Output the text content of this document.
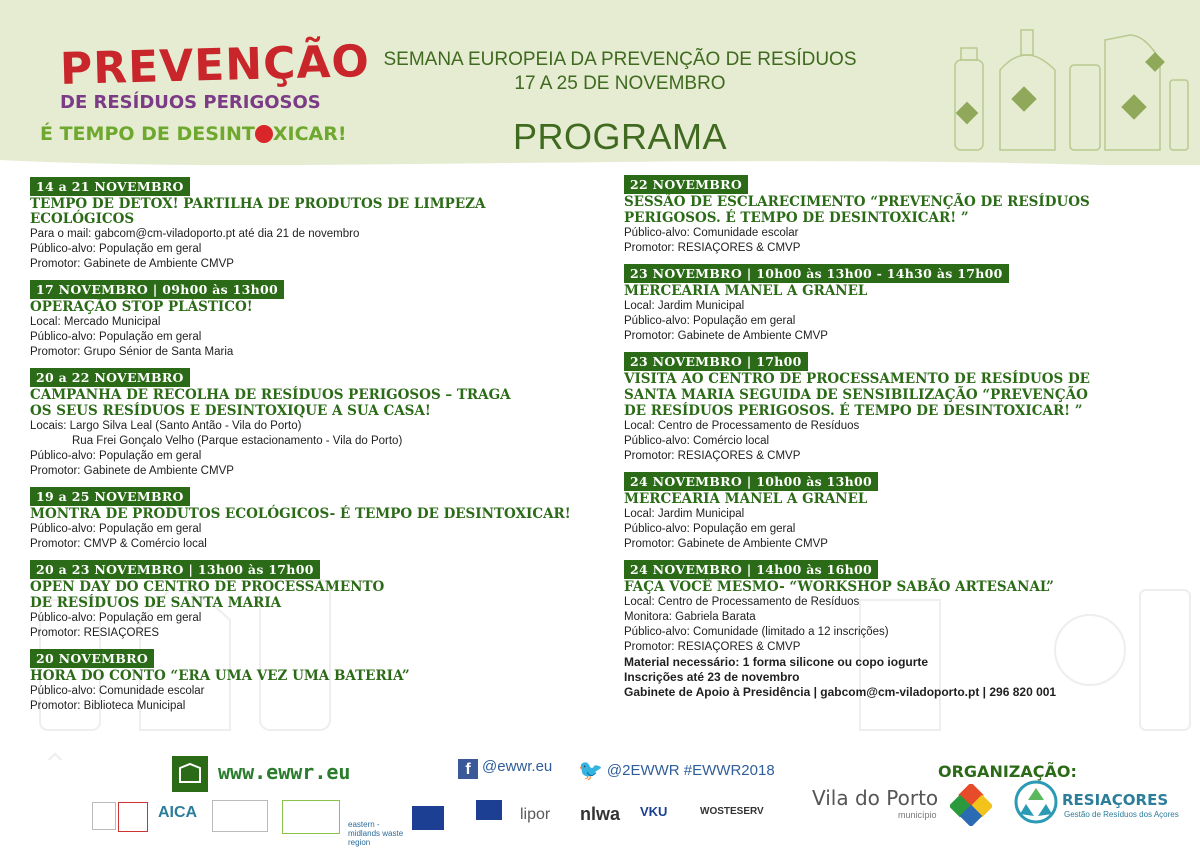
PREVENÇÃO
DE RESÍDUOS PERIGOSOS
É TEMPO DE DESINT XICAR!
SEMANA EUROPEIA DA PREVENÇÃO DE RESÍDUOS
17 A 25 DE NOVEMBRO
PROGRAMA
14 a 21 NOVEMBRO
TEMPO DE DETOX! PARTILHA DE PRODUTOS DE LIMPEZA ECOLÓGICOS
Para o mail: gabcom@cm-viladoporto.pt até dia 21 de novembro
Público-alvo: População em geral
Promotor: Gabinete de Ambiente CMVP
17 NOVEMBRO | 09h00 às 13h00
OPERAÇÃO STOP PLÁSTICO!
Local: Mercado Municipal
Público-alvo: População em geral
Promotor: Grupo Sénior de Santa Maria
20 a 22 NOVEMBRO
CAMPANHA DE RECOLHA DE RESÍDUOS PERIGOSOS – TRAGA
OS SEUS RESÍDUOS E DESINTOXIQUE A SUA CASA!
Locais: Largo Silva Leal (Santo Antão - Vila do Porto)
Rua Frei Gonçalo Velho (Parque estacionamento - Vila do Porto)
Público-alvo: População em geral
Promotor: Gabinete de Ambiente CMVP
19 a 25 NOVEMBRO
MONTRA DE PRODUTOS ECOLÓGICOS- É TEMPO DE DESINTOXICAR!
Público-alvo: População em geral
Promotor: CMVP & Comércio local
20 a 23 NOVEMBRO | 13h00 às 17h00
OPEN DAY DO CENTRO DE PROCESSAMENTO
DE RESÍDUOS DE SANTA MARIA
Público-alvo: População em geral
Promotor: RESIAÇORES
20 NOVEMBRO
HORA DO CONTO “ERA UMA VEZ UMA BATERIA”
Público-alvo: Comunidade escolar
Promotor: Biblioteca Municipal
22 NOVEMBRO
SESSÃO DE ESCLARECIMENTO “PREVENÇÃO DE RESÍDUOS
PERIGOSOS. É TEMPO DE DESINTOXICAR! ”
Público-alvo: Comunidade escolar
Promotor: RESIAÇORES & CMVP
23 NOVEMBRO | 10h00 às 13h00 - 14h30 às 17h00
MERCEARIA MANEL A GRANEL
Local: Jardim Municipal
Público-alvo: População em geral
Promotor: Gabinete de Ambiente CMVP
23 NOVEMBRO | 17h00
VISITA AO CENTRO DE PROCESSAMENTO DE RESÍDUOS DE
SANTA MARIA SEGUIDA DE SENSIBILIZAÇÃO “PREVENÇÃO
DE RESÍDUOS PERIGOSOS. É TEMPO DE DESINTOXICAR! ”
Local: Centro de Processamento de Resíduos
Público-alvo: Comércio local
Promotor: RESIAÇORES & CMVP
24 NOVEMBRO | 10h00 às 13h00
MERCEARIA MANEL A GRANEL
Local: Jardim Municipal
Público-alvo: População em geral
Promotor: Gabinete de Ambiente CMVP
24 NOVEMBRO | 14h00 às 16h00
FAÇA VOCÊ MESMO- “WORKSHOP SABÃO ARTESANAL”
Local: Centro de Processamento de Resíduos
Monitora: Gabriela Barata
Público-alvo: Comunidade (limitado a 12 inscrições)
Promotor: RESIAÇORES & CMVP
Material necessário: 1 forma silicone ou copo iogurte
Inscrições até 23 de novembro
Gabinete de Apoio à Presidência | gabcom@cm-viladoporto.pt | 296 820 001
www.ewwr.eu	f @ewwr.eu 🐦 @2EWWR #EWWR2018	ORGANIZAÇÃO:
Vila do Porto
município
RESIAÇORES
Gestão de Resíduos dos Açores
AICA
eastern - midlands waste region
lipor nlwa VKU	WOSTESERV
